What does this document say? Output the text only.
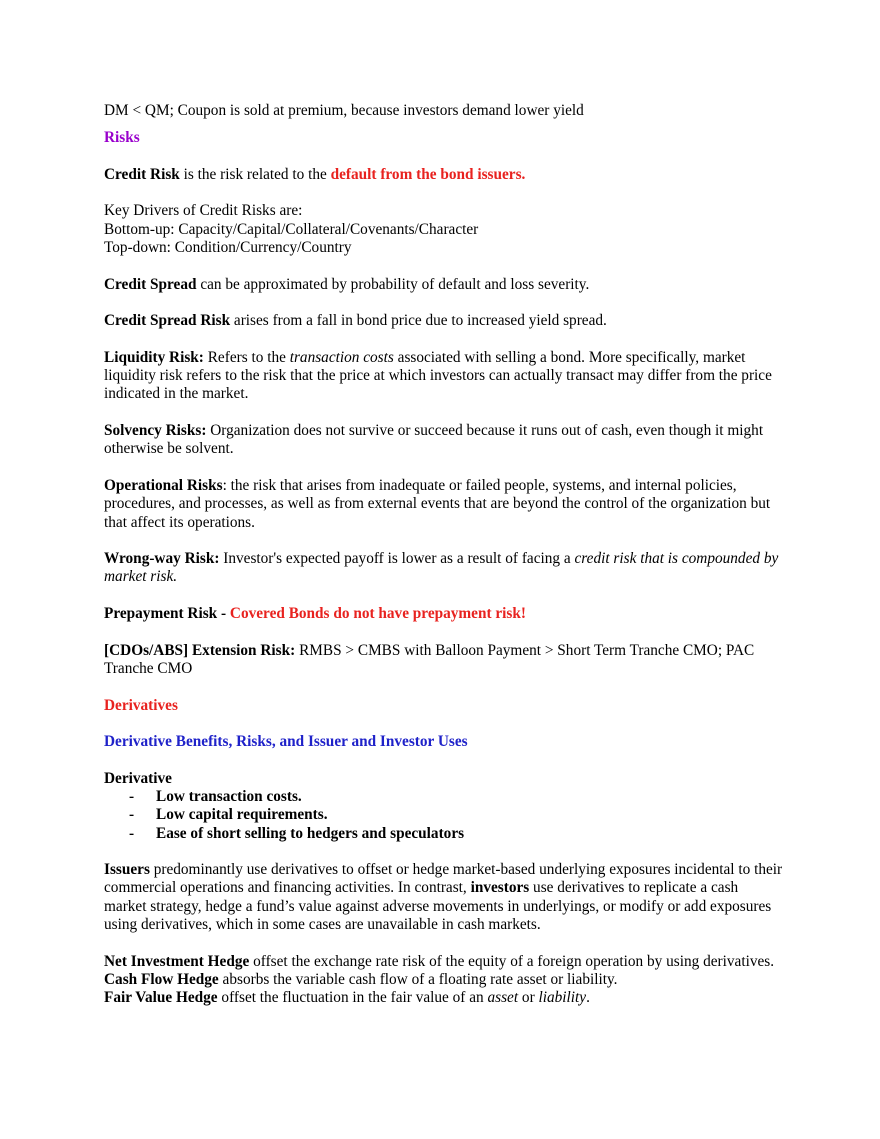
DM < QM; Coupon is sold at premium, because investors demand lower yield

Risks

Credit Risk is the risk related to the default from the bond issuers.

Key Drivers of Credit Risks are:

Bottom-up: Capacity/Capital/Collateral/Covenants/Character

Top-down: Condition/Currency/Country

Credit Spread can be approximated by probability of default and loss severity.

Credit Spread Risk arises from a fall in bond price due to increased yield spread.

Liquidity Risk: Refers to the transaction costs associated with selling a bond. More specifically, market liquidity risk refers to the risk that the price at which investors can actually transact may differ from the price indicated in the market.

Solvency Risks: Organization does not survive or succeed because it runs out of cash, even though it might otherwise be solvent.

Operational Risks: the risk that arises from inadequate or failed people, systems, and internal policies, procedures, and processes, as well as from external events that are beyond the control of the organization but that affect its operations.

Wrong-way Risk: Investor's expected payoff is lower as a result of facing a credit risk that is compounded by market risk.

Prepayment Risk - Covered Bonds do not have prepayment risk!

[CDOs/ABS] Extension Risk: RMBS > CMBS with Balloon Payment > Short Term Tranche CMO; PAC Tranche CMO

Derivatives

Derivative Benefits, Risks, and Issuer and Investor Uses

Derivative

- Low transaction costs.
- Low capital requirements.
- Ease of short selling to hedgers and speculators

Issuers predominantly use derivatives to offset or hedge market-based underlying exposures incidental to their commercial operations and financing activities. In contrast, investors use derivatives to replicate a cash market strategy, hedge a fund’s value against adverse movements in underlyings, or modify or add exposures using derivatives, which in some cases are unavailable in cash markets.

Net Investment Hedge offset the exchange rate risk of the equity of a foreign operation by using derivatives.

Cash Flow Hedge absorbs the variable cash flow of a floating rate asset or liability.

Fair Value Hedge offset the fluctuation in the fair value of an asset or liability.
